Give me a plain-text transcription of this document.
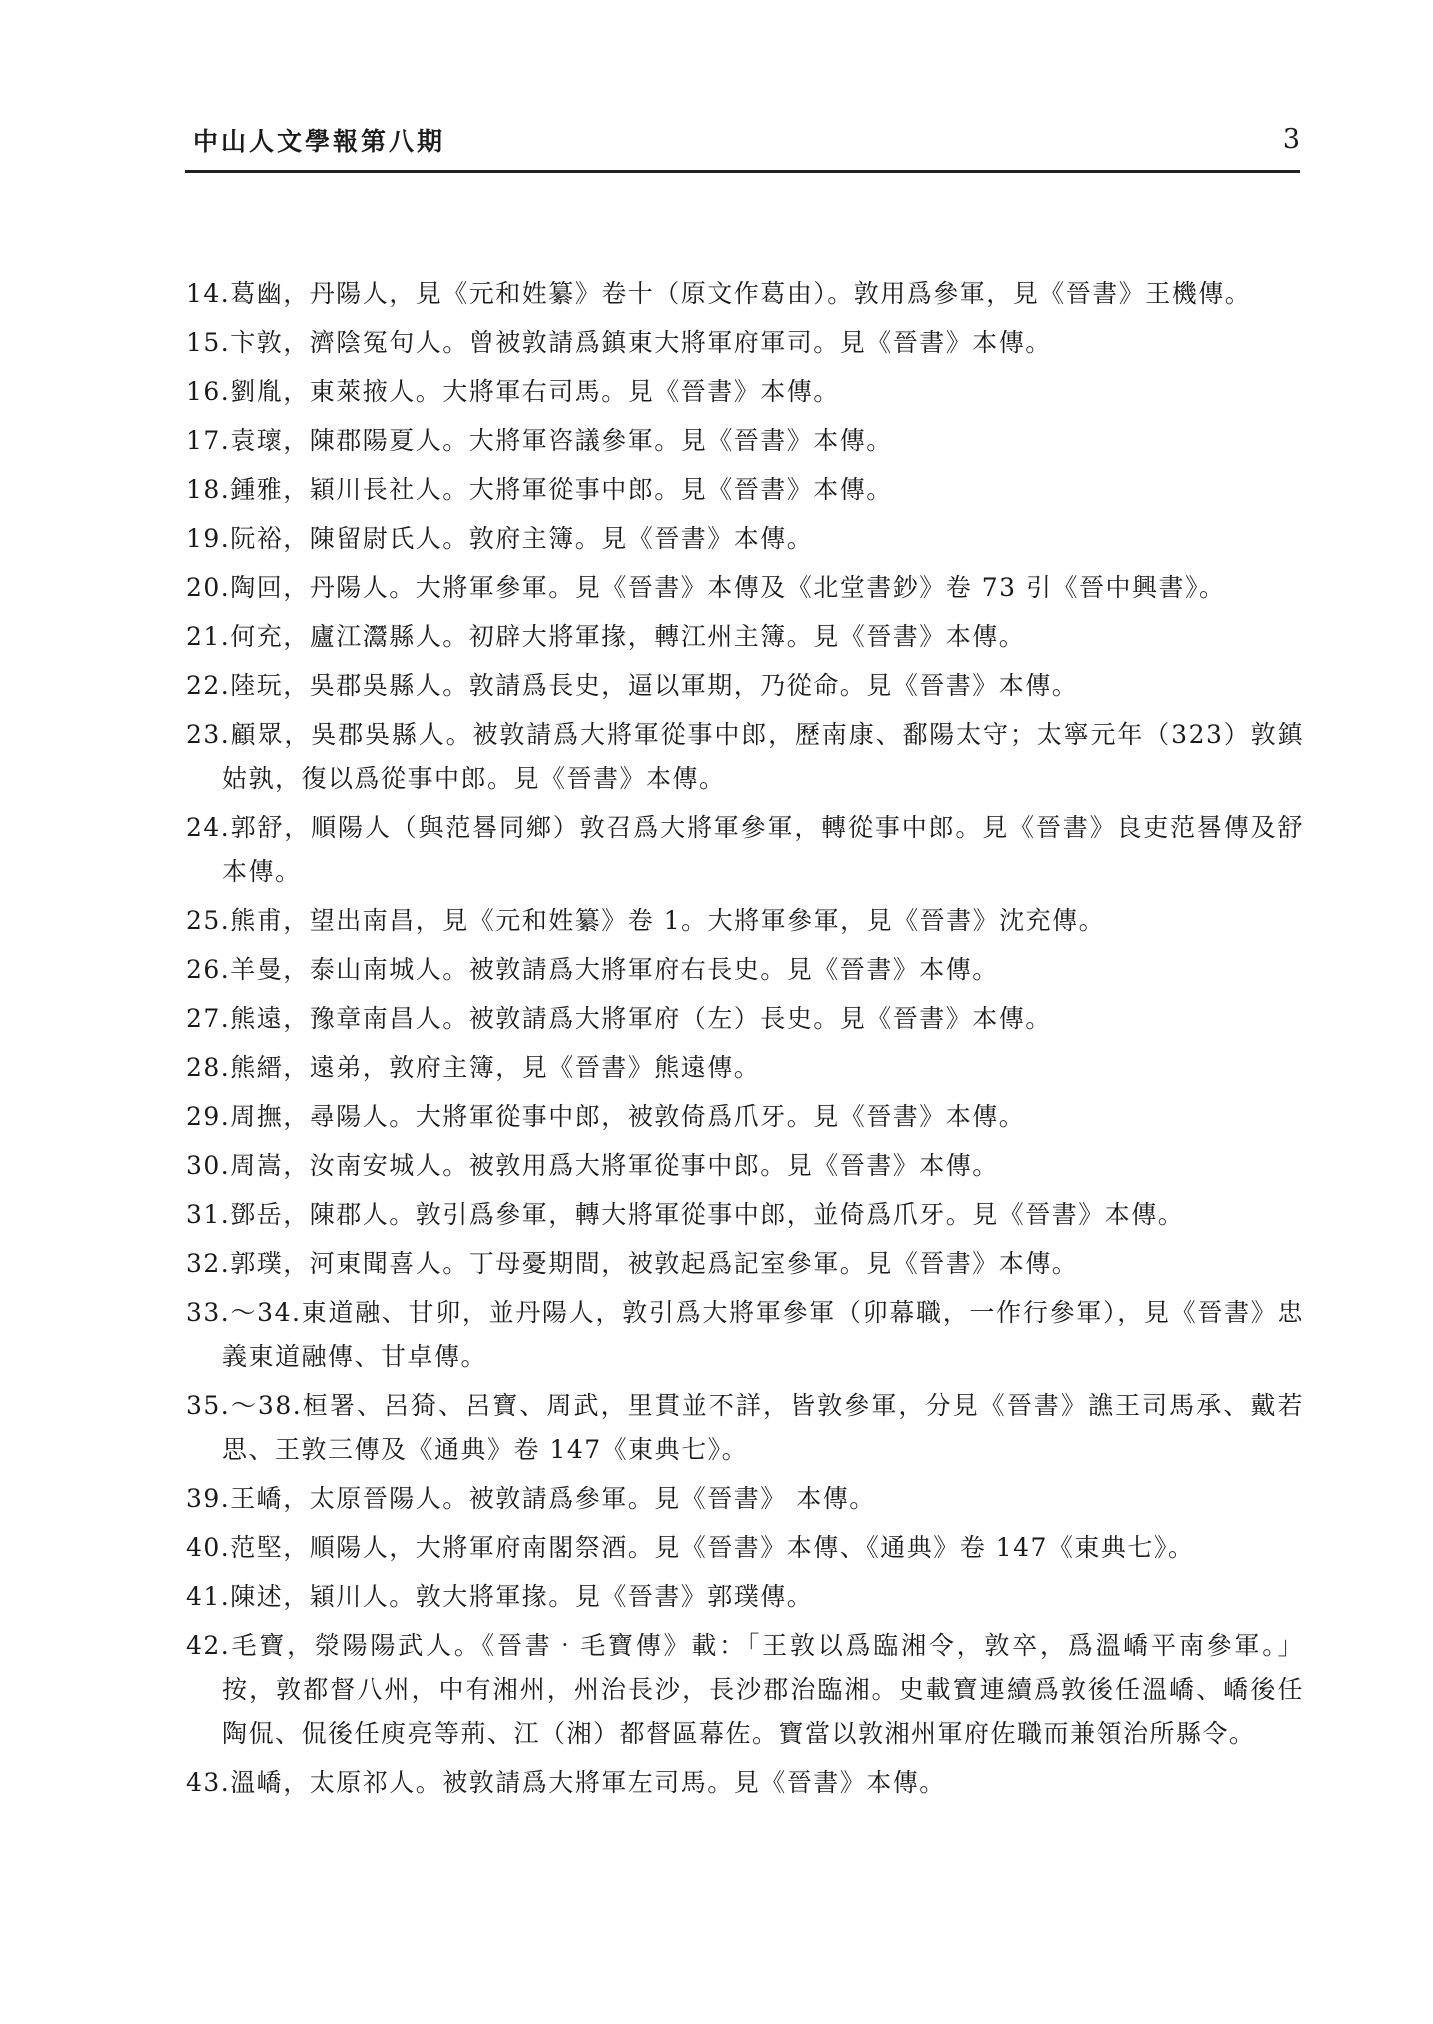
中山人文學報第八期	3
14.葛幽，丹陽人，見《元和姓纂》卷十（原文作葛由）。敦用爲參軍，見《晉書》王機傳。
15.卞敦，濟陰冤句人。曾被敦請爲鎮東大將軍府軍司。見《晉書》本傳。
16.劉胤，東萊掖人。大將軍右司馬。見《晉書》本傳。
17.袁瓌，陳郡陽夏人。大將軍咨議參軍。見《晉書》本傳。
18.鍾雅，穎川長社人。大將軍從事中郎。見《晉書》本傳。
19.阮裕，陳留尉氏人。敦府主簿。見《晉書》本傳。
20.陶回，丹陽人。大將軍參軍。見《晉書》本傳及《北堂書鈔》卷 73 引《晉中興書》。
21.何充，廬江灊縣人。初辟大將軍掾，轉江州主簿。見《晉書》本傳。
22.陸玩，吳郡吳縣人。敦請爲長史，逼以軍期，乃從命。見《晉書》本傳。
23.顧眾，吳郡吳縣人。被敦請爲大將軍從事中郎，歷南康、鄱陽太守；太寧元年（323）敦鎮姑孰，復以爲從事中郎。見《晉書》本傳。
24.郭舒，順陽人（與范晷同鄉）敦召爲大將軍參軍，轉從事中郎。見《晉書》良吏范晷傳及舒本傳。
25.熊甫，望出南昌，見《元和姓纂》卷 1。大將軍參軍，見《晉書》沈充傳。
26.羊曼，泰山南城人。被敦請爲大將軍府右長史。見《晉書》本傳。
27.熊遠，豫章南昌人。被敦請爲大將軍府（左）長史。見《晉書》本傳。
28.熊縉，遠弟，敦府主簿，見《晉書》熊遠傳。
29.周撫，尋陽人。大將軍從事中郎，被敦倚爲爪牙。見《晉書》本傳。
30.周嵩，汝南安城人。被敦用爲大將軍從事中郎。見《晉書》本傳。
31.鄧岳，陳郡人。敦引爲參軍，轉大將軍從事中郎，並倚爲爪牙。見《晉書》本傳。
32.郭璞，河東聞喜人。丁母憂期間，被敦起爲記室參軍。見《晉書》本傳。
33.～34.東道融、甘卯，並丹陽人，敦引爲大將軍參軍（卯幕職，一作行參軍），見《晉書》忠義東道融傳、甘卓傳。
35.～38.桓署、呂猗、呂寶、周武，里貫並不詳，皆敦參軍，分見《晉書》譙王司馬承、戴若思、王敦三傳及《通典》卷 147《東典七》。
39.王嶠，太原晉陽人。被敦請爲參軍。見《晉書》 本傳。
40.范堅，順陽人，大將軍府南閣祭酒。見《晉書》本傳、《通典》卷 147《東典七》。
41.陳述，穎川人。敦大將軍掾。見《晉書》郭璞傳。
42.毛寶，滎陽陽武人。《晉書‧毛寶傳》載：「王敦以爲臨湘令，敦卒，爲溫嶠平南參軍。」按，敦都督八州，中有湘州，州治長沙，長沙郡治臨湘。史載寶連續爲敦後任溫嶠、嶠後任陶侃、侃後任庾亮等荊、江（湘）都督區幕佐。寶當以敦湘州軍府佐職而兼領治所縣令。
43.溫嶠，太原祁人。被敦請爲大將軍左司馬。見《晉書》本傳。
